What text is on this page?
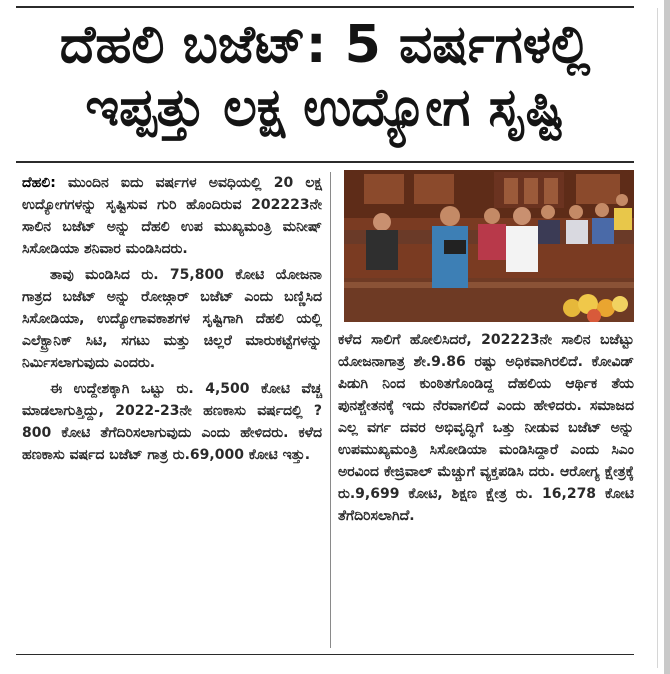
ದೆಹಲಿ ಬಜೆಟ್: 5 ವರ್ಷಗಳಲ್ಲಿ
ಇಪ್ಪತ್ತು ಲಕ್ಷ ಉದ್ಯೋಗ ಸೃಷ್ಟಿ

ದೆಹಲಿ: ಮುಂದಿನ ಐದು ವರ್ಷಗಳ ಅವಧಿಯಲ್ಲಿ 20 ಲಕ್ಷ ಉದ್ಯೋಗಗಳನ್ನು ಸೃಷ್ಟಿಸುವ ಗುರಿ ಹೊಂದಿರುವ 202223ನೇ ಸಾಲಿನ ಬಜೆಟ್ ಅನ್ನು ದೆಹಲಿ ಉಪ ಮುಖ್ಯಮಂತ್ರಿ ಮನೀಷ್ ಸಿಸೋಡಿಯಾ ಶನಿವಾರ ಮಂಡಿಸಿದರು.

ತಾವು ಮಂಡಿಸಿದ ರು. 75,800 ಕೋಟಿ ಯೋಜನಾ ಗಾತ್ರದ ಬಜೆಟ್ ಅನ್ನು ರೋಜ್ಗಾರ್ ಬಜೆಟ್ ಎಂದು ಬಣ್ಣಿಸಿದ ಸಿಸೋಡಿಯಾ, ಉದ್ಯೋಗಾವಕಾಶಗಳ ಸೃಷ್ಟಿಗಾಗಿ ದೆಹಲಿ ಯಲ್ಲಿ ಎಲೆಕ್ಟ್ರಾನಿಕ್ ಸಿಟಿ, ಸಗಟು ಮತ್ತು ಚಿಲ್ಲರೆ ಮಾರುಕಟ್ಟೆಗಳನ್ನು ನಿರ್ಮಿಸಲಾಗುವುದು ಎಂದರು.

ಈ ಉದ್ದೇಶಕ್ಕಾಗಿ ಒಟ್ಟು ರು. 4,500 ಕೋಟಿ ವೆಚ್ಚ ಮಾಡಲಾಗುತ್ತಿದ್ದು, 2022-23ನೇ ಹಣಕಾಸು ವರ್ಷದಲ್ಲಿ ? 800 ಕೋಟಿ ತೆಗೆದಿರಿಸಲಾಗುವುದು ಎಂದು ಹೇಳಿದರು. ಕಳೆದ ಹಣಕಾಸು ವರ್ಷದ ಬಜೆಟ್ ಗಾತ್ರ ರು.69,000 ಕೋಟಿ ಇತ್ತು.

ಕಳೆದ ಸಾಲಿಗೆ ಹೋಲಿಸಿದರೆ, 202223ನೇ ಸಾಲಿನ ಬಜೆಟ್ಟು ಯೋಜನಾಗಾತ್ರ ಶೇ.9.86 ರಷ್ಟು ಅಧಿಕವಾಗಿರಲಿದೆ. ಕೋವಿಡ್ ಪಿಡುಗಿ ನಿಂದ ಕುಂಠಿತಗೊಂಡಿದ್ದ ದೆಹಲಿಯ ಆರ್ಥಿಕ ತೆಯ ಪುನಶ್ಚೇತನಕ್ಕೆ ಇದು ನೆರವಾಗಲಿದೆ ಎಂದು ಹೇಳಿದರು. ಸಮಾಜದ ಎಲ್ಲ ವರ್ಗ ದವರ ಅಭಿವೃದ್ಧಿಗೆ ಒತ್ತು ನೀಡುವ ಬಜೆಟ್ ಅನ್ನು ಉಪಮುಖ್ಯಮಂತ್ರಿ ಸಿಸೋಡಿಯಾ ಮಂಡಿಸಿದ್ದಾರೆ ಎಂದು ಸಿಎಂ ಅರವಿಂದ ಕೇಜ್ರಿವಾಲ್ ಮೆಚ್ಚುಗೆ ವ್ಯಕ್ತಪಡಿಸಿ ದರು. ಆರೋಗ್ಯ ಕ್ಷೇತ್ರಕ್ಕೆ ರು.9,699 ಕೋಟಿ, ಶಿಕ್ಷಣ ಕ್ಷೇತ್ರ ರು. 16,278 ಕೋಟಿ ತೆಗೆದಿರಿಸಲಾಗಿದೆ.
